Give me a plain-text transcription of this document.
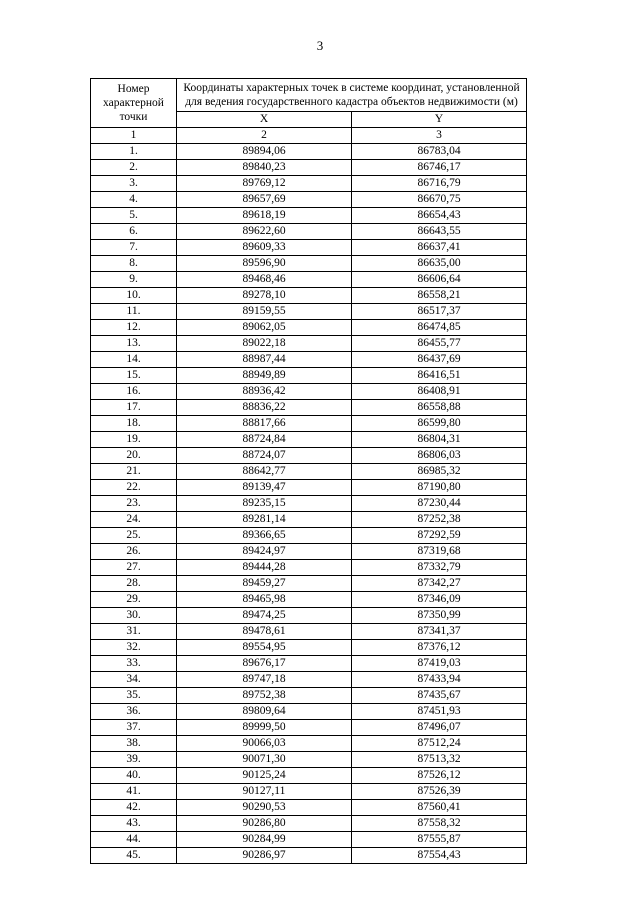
3
Номер характерной точки	Координаты характерных точек в системе координат, установленной для ведения государственного кадастра объектов недвижимости (м)	
	X	Y
1	2	3
1.	89894,06	86783,04
2.	89840,23	86746,17
3.	89769,12	86716,79
4.	89657,69	86670,75
5.	89618,19	86654,43
6.	89622,60	86643,55
7.	89609,33	86637,41
8.	89596,90	86635,00
9.	89468,46	86606,64
10.	89278,10	86558,21
11.	89159,55	86517,37
12.	89062,05	86474,85
13.	89022,18	86455,77
14.	88987,44	86437,69
15.	88949,89	86416,51
16.	88936,42	86408,91
17.	88836,22	86558,88
18.	88817,66	86599,80
19.	88724,84	86804,31
20.	88724,07	86806,03
21.	88642,77	86985,32
22.	89139,47	87190,80
23.	89235,15	87230,44
24.	89281,14	87252,38
25.	89366,65	87292,59
26.	89424,97	87319,68
27.	89444,28	87332,79
28.	89459,27	87342,27
29.	89465,98	87346,09
30.	89474,25	87350,99
31.	89478,61	87341,37
32.	89554,95	87376,12
33.	89676,17	87419,03
34.	89747,18	87433,94
35.	89752,38	87435,67
36.	89809,64	87451,93
37.	89999,50	87496,07
38.	90066,03	87512,24
39.	90071,30	87513,32
40.	90125,24	87526,12
41.	90127,11	87526,39
42.	90290,53	87560,41
43.	90286,80	87558,32
44.	90284,99	87555,87
45.	90286,97	87554,43
